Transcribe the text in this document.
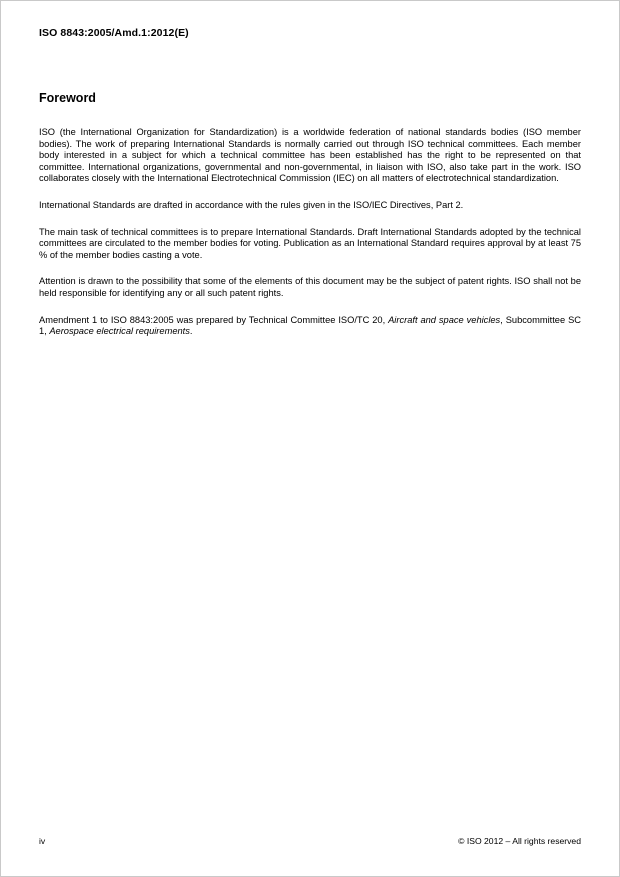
ISO 8843:2005/Amd.1:2012(E)
Foreword
ISO (the International Organization for Standardization) is a worldwide federation of national standards bodies (ISO member bodies). The work of preparing International Standards is normally carried out through ISO technical committees. Each member body interested in a subject for which a technical committee has been established has the right to be represented on that committee. International organizations, governmental and non-governmental, in liaison with ISO, also take part in the work. ISO collaborates closely with the International Electrotechnical Commission (IEC) on all matters of electrotechnical standardization.
International Standards are drafted in accordance with the rules given in the ISO/IEC Directives, Part 2.
The main task of technical committees is to prepare International Standards. Draft International Standards adopted by the technical committees are circulated to the member bodies for voting. Publication as an International Standard requires approval by at least 75 % of the member bodies casting a vote.
Attention is drawn to the possibility that some of the elements of this document may be the subject of patent rights. ISO shall not be held responsible for identifying any or all such patent rights.
Amendment 1 to ISO 8843:2005 was prepared by Technical Committee ISO/TC 20, Aircraft and space vehicles, Subcommittee SC 1, Aerospace electrical requirements.
iv	© ISO 2012 – All rights reserved
